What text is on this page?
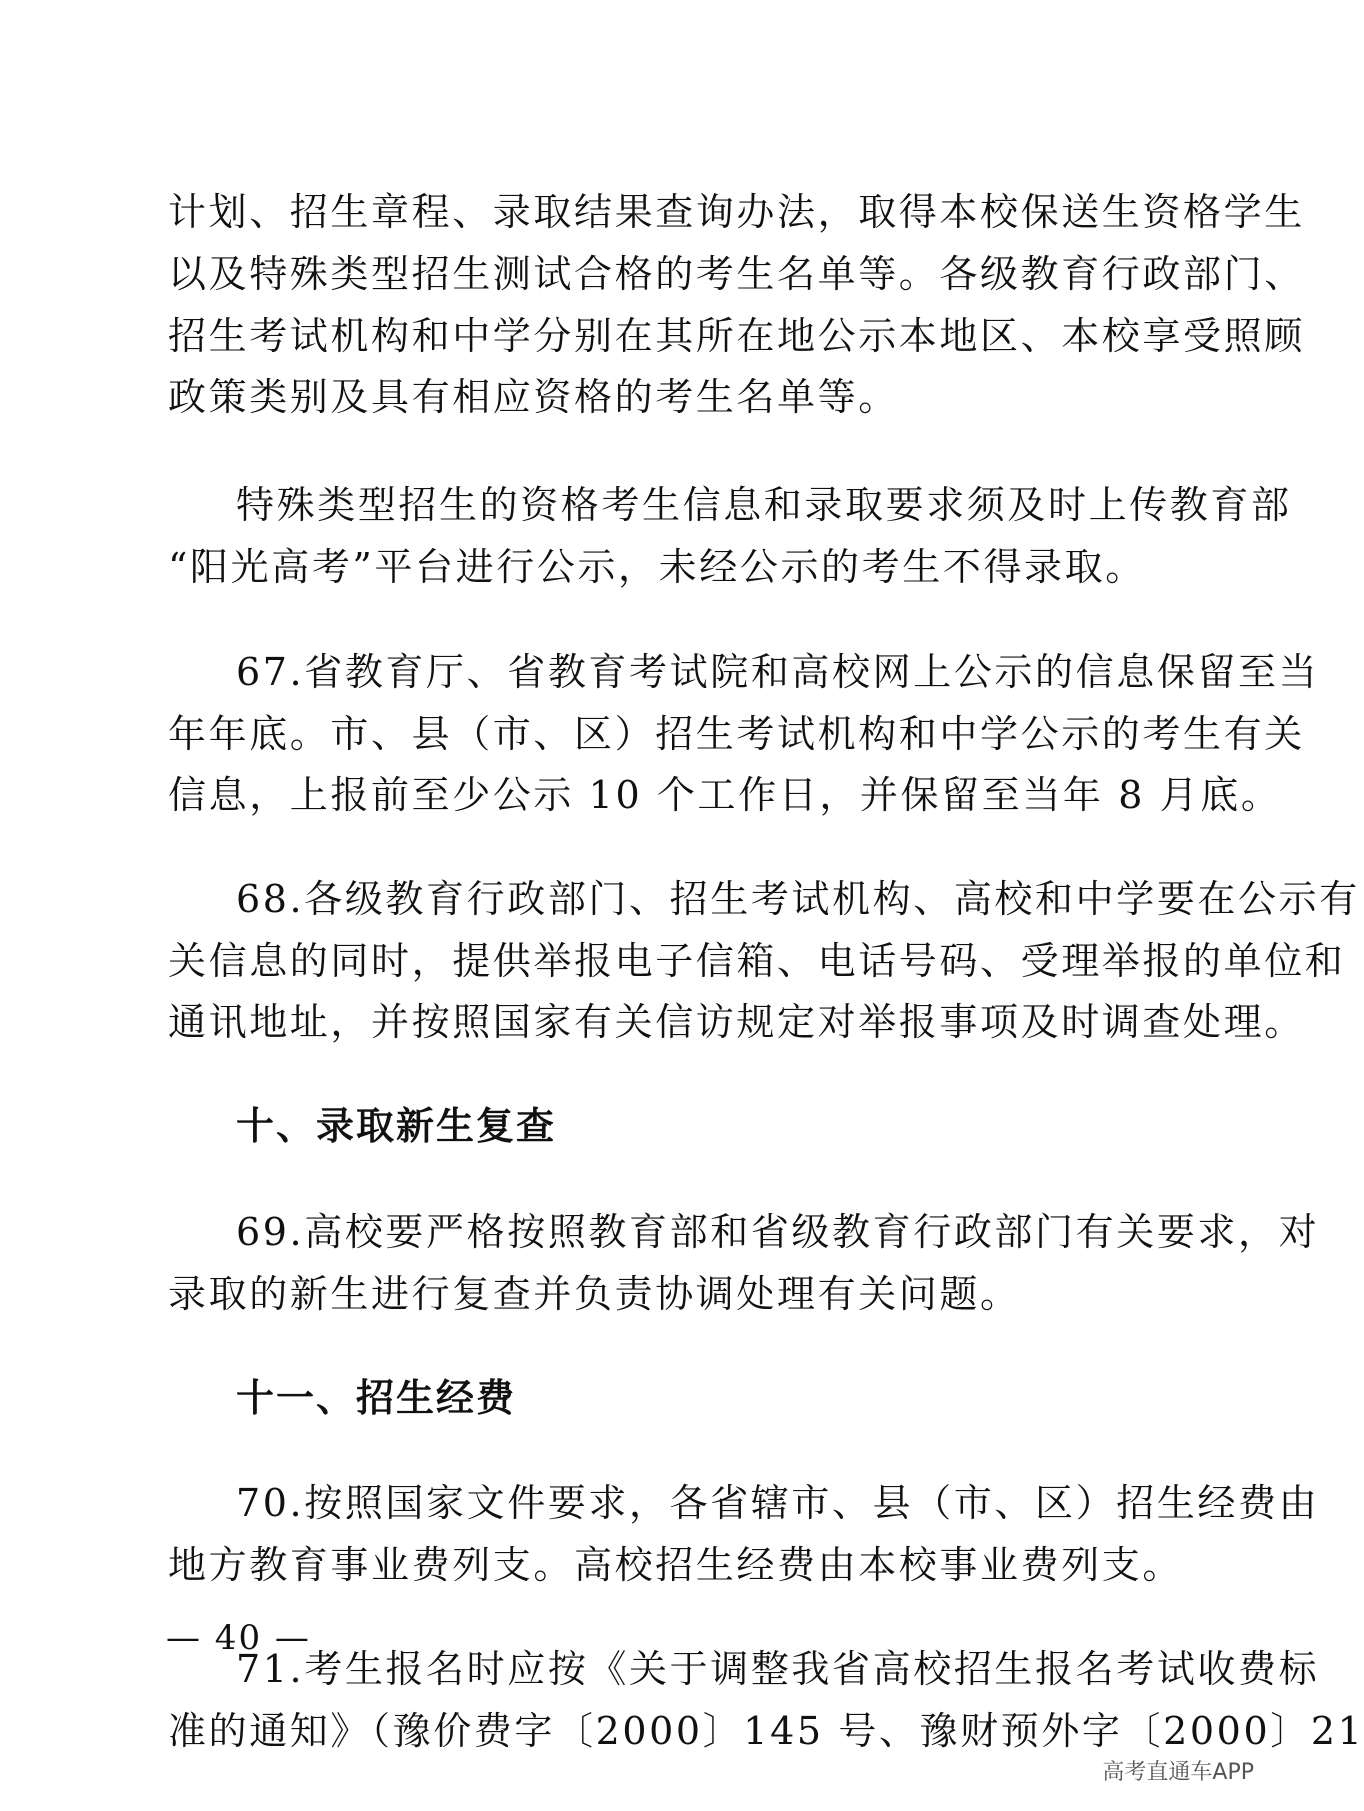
计划、招生章程、录取结果查询办法，取得本校保送生资格学生
以及特殊类型招生测试合格的考生名单等。各级教育行政部门、
招生考试机构和中学分别在其所在地公示本地区、本校享受照顾
政策类别及具有相应资格的考生名单等。
特殊类型招生的资格考生信息和录取要求须及时上传教育部
“阳光高考”平台进行公示，未经公示的考生不得录取。
67.省教育厅、省教育考试院和高校网上公示的信息保留至当
年年底。市、县（市、区）招生考试机构和中学公示的考生有关
信息，上报前至少公示 10 个工作日，并保留至当年 8 月底。
68.各级教育行政部门、招生考试机构、高校和中学要在公示有
关信息的同时，提供举报电子信箱、电话号码、受理举报的单位和
通讯地址，并按照国家有关信访规定对举报事项及时调查处理。
十、录取新生复查
69.高校要严格按照教育部和省级教育行政部门有关要求，对
录取的新生进行复查并负责协调处理有关问题。
十一、招生经费
70.按照国家文件要求，各省辖市、县（市、区）招生经费由
地方教育事业费列支。高校招生经费由本校事业费列支。
71.考生报名时应按《关于调整我省高校招生报名考试收费标
准的通知》（豫价费字〔2000〕145 号、豫财预外字〔2000〕21
— 40 —
高考直通车APP
